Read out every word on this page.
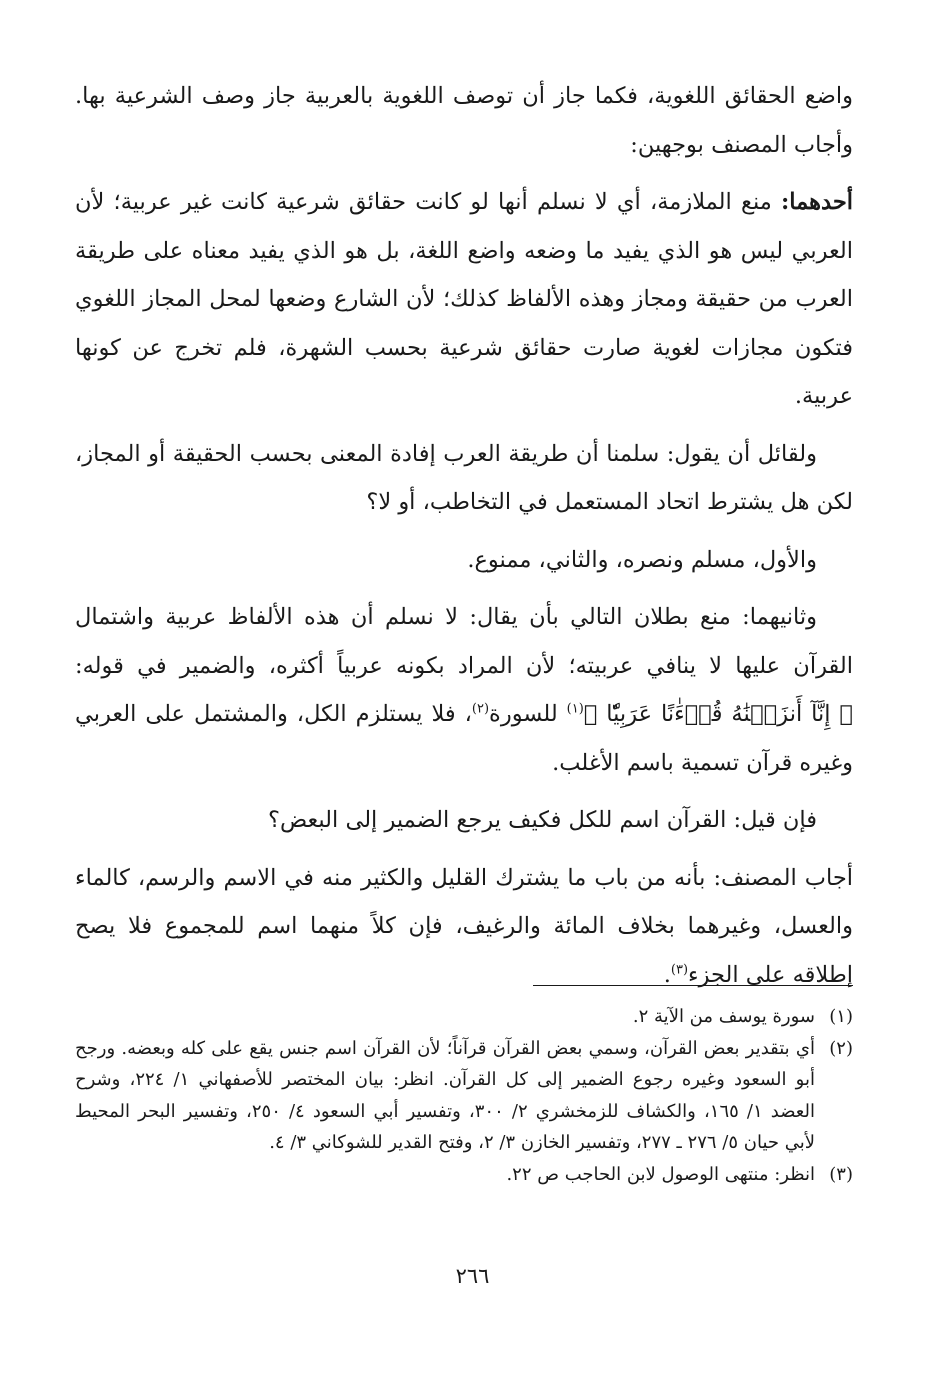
واضع الحقائق اللغوية، فكما جاز أن توصف اللغوية بالعربية جاز وصف الشرعية بها. وأجاب المصنف بوجهين:

أحدهما: منع الملازمة، أي لا نسلم أنها لو كانت حقائق شرعية كانت غير عربية؛ لأن العربي ليس هو الذي يفيد ما وضعه واضع اللغة، بل هو الذي يفيد معناه على طريقة العرب من حقيقة ومجاز وهذه الألفاظ كذلك؛ لأن الشارع وضعها لمحل المجاز اللغوي فتكون مجازات لغوية صارت حقائق شرعية بحسب الشهرة، فلم تخرج عن كونها عربية.

ولقائل أن يقول: سلمنا أن طريقة العرب إفادة المعنى بحسب الحقيقة أو المجاز، لكن هل يشترط اتحاد المستعمل في التخاطب، أو لا؟

والأول، مسلم ونصره، والثاني، ممنوع.

وثانيهما: منع بطلان التالي بأن يقال: لا نسلم أن هذه الألفاظ عربية واشتمال القرآن عليها لا ينافي عربيته؛ لأن المراد بكونه عربياً أكثره، والضمير في قوله: ﴿ إِنَّآ أَنزَلۡنَٰهُ قُرۡءَٰنًا عَرَبِيّٗا ﴾$^{(١)}$ للسورة$^{(٢)}$، فلا يستلزم الكل، والمشتمل على العربي وغيره قرآن تسمية باسم الأغلب.

فإن قيل: القرآن اسم للكل فكيف يرجع الضمير إلى البعض؟

أجاب المصنف: بأنه من باب ما يشترك القليل والكثير منه في الاسم والرسم، كالماء والعسل، وغيرهما بخلاف المائة والرغيف، فإن كلاً منهما اسم للمجموع فلا يصح إطلاقه على الجزء$^{(٣)}$.

(١)
سورة يوسف من الآية ٢.

(٢)
أي بتقدير بعض القرآن، وسمي بعض القرآن قرآناً؛ لأن القرآن اسم جنس يقع على كله وبعضه. ورجح أبو السعود وغيره رجوع الضمير إلى كل القرآن. انظر: بيان المختصر للأصفهاني ١/ ٢٢٤، وشرح العضد ١/ ١٦٥، والكشاف للزمخشري ٢/ ٣٠٠، وتفسير أبي السعود ٤/ ٢٥٠، وتفسير البحر المحيط لأبي حيان ٥/ ٢٧٦ ـ ٢٧٧، وتفسير الخازن ٣/ ٢، وفتح القدير للشوكاني ٣/ ٤.

(٣)
انظر: منتهى الوصول لابن الحاجب ص ٢٢.

٢٦٦
